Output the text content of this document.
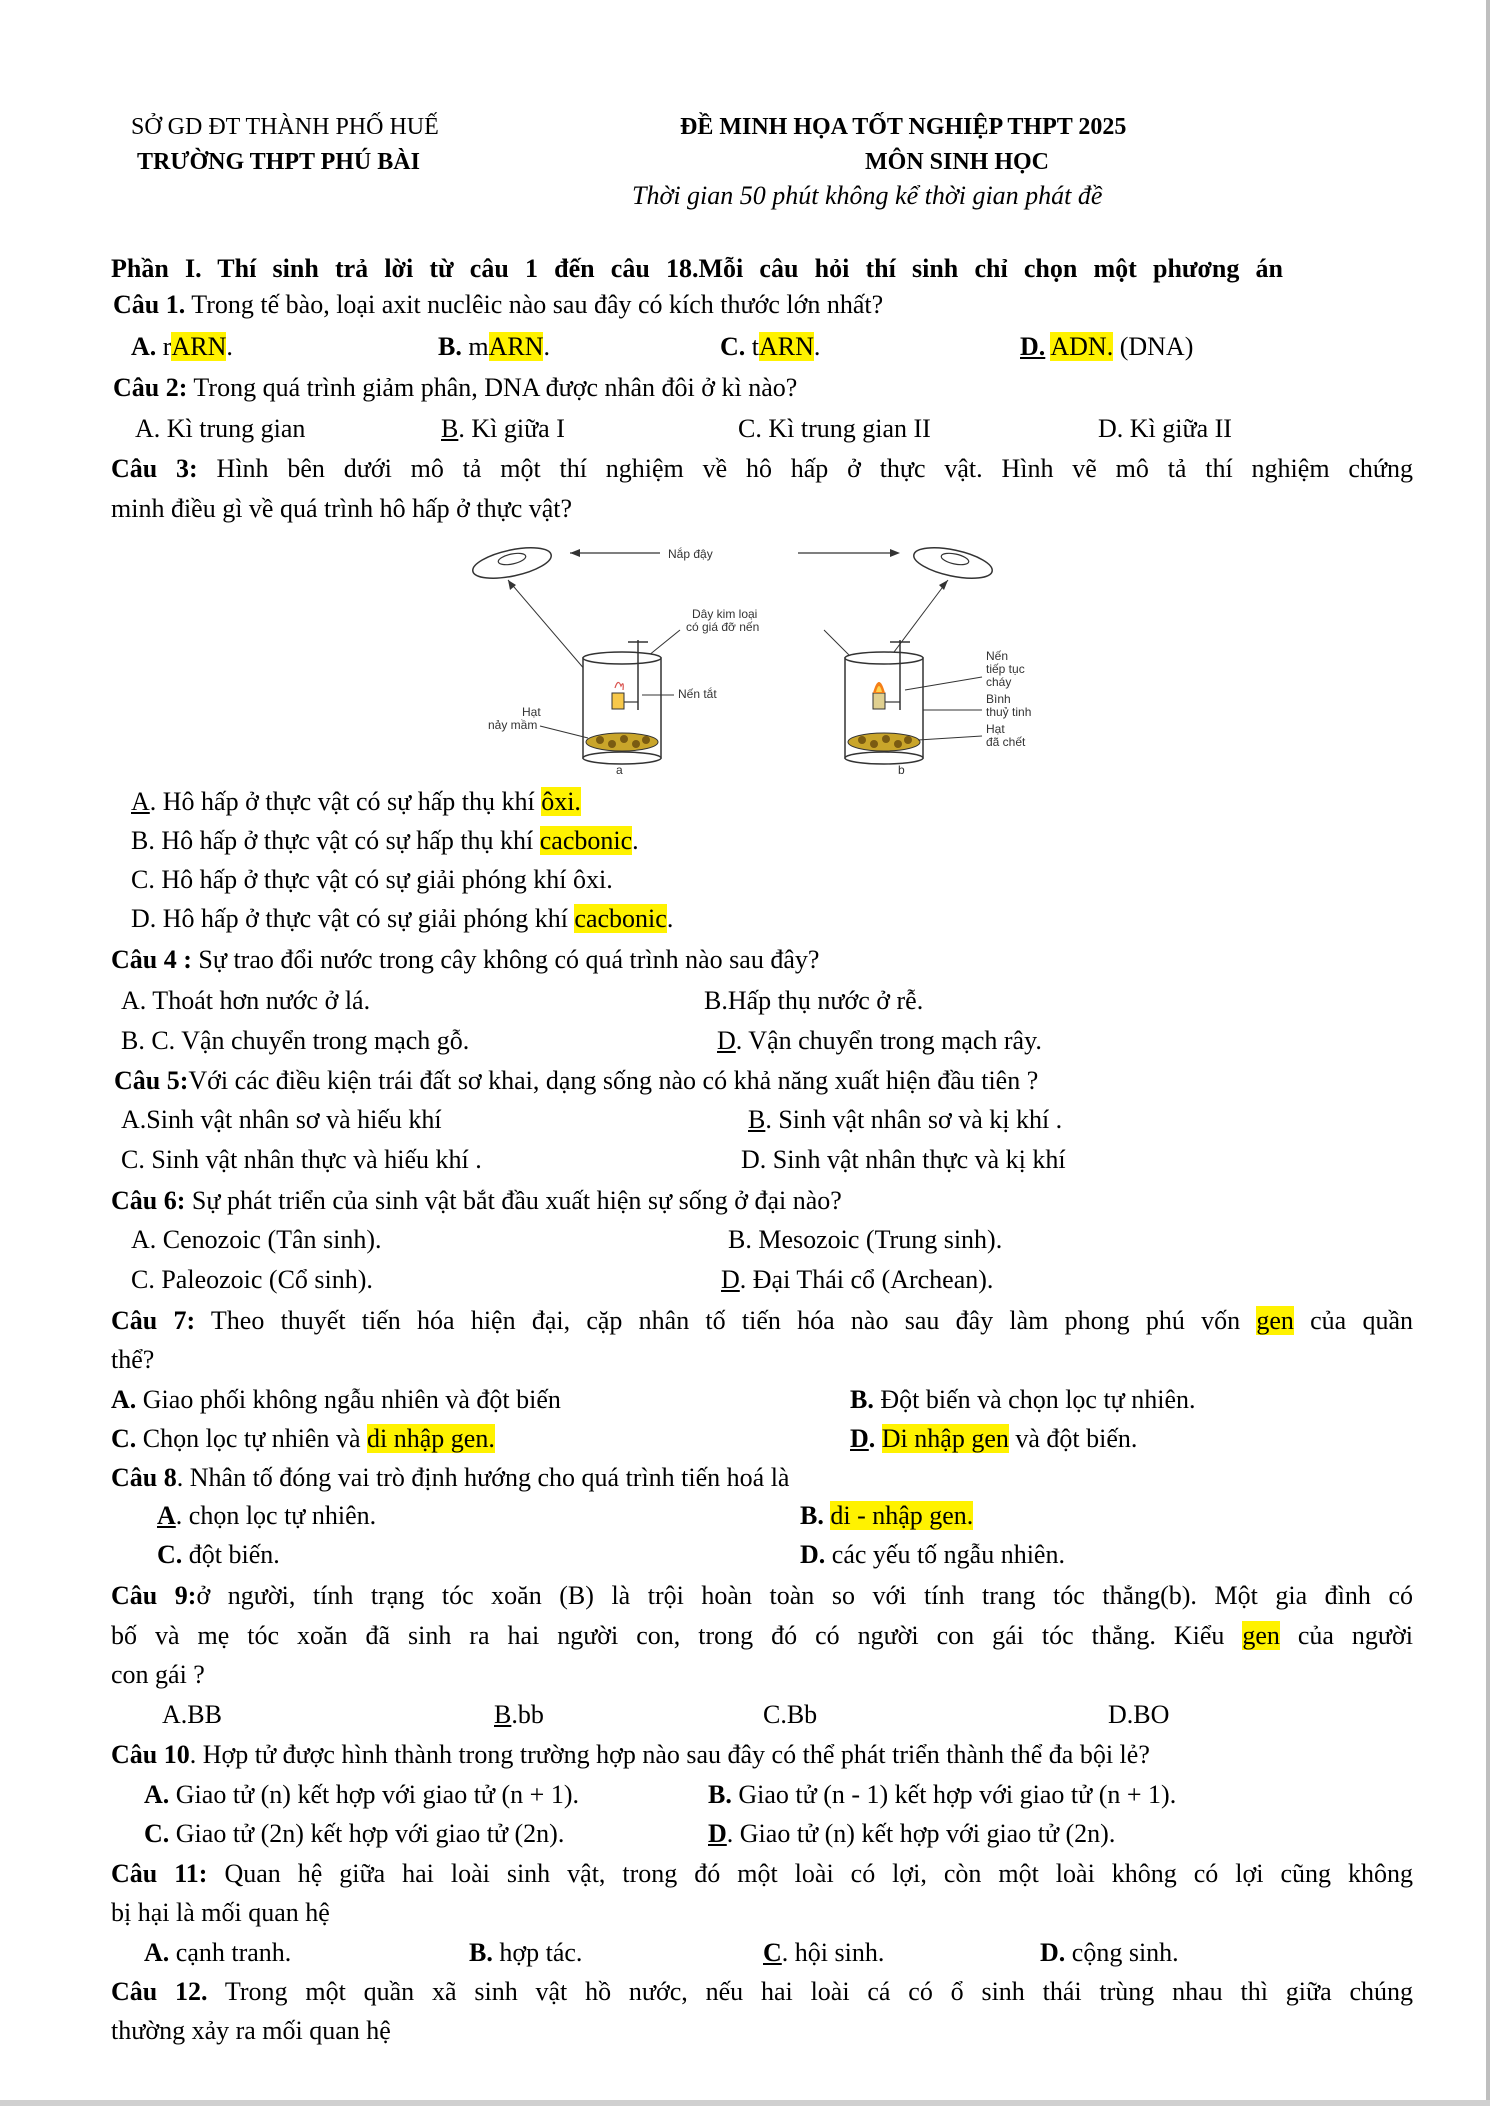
SỞ GD ĐT THÀNH PHỐ HUẾ
TRƯỜNG THPT PHÚ BÀI
ĐỀ MINH HỌA TỐT NGHIỆP THPT 2025
MÔN SINH HỌC
Thời gian 50 phút không kể thời gian phát đề
Phần I. Thí sinh trả lời từ câu 1 đến câu 18.Mỗi câu hỏi thí sinh chỉ chọn một phương án
Câu 1. Trong tế bào, loại axit nuclêic nào sau đây có kích thước lớn nhất?
A. rARN.	B. mARN.	C. tARN.	D. ADN. (DNA)
Câu 2: Trong quá trình giảm phân, DNA được nhân đôi ở kì nào?
A. Kì trung gian	B. Kì giữa I	C. Kì trung gian II	D. Kì giữa II
Câu 3: Hình bên dưới mô tả một thí nghiệm về hô hấp ở thực vật. Hình vẽ mô tả thí nghiệm chứng
minh điều gì về quá trình hô hấp ở thực vật?
Nắp đậy
Dây kim loại
có giá đỡ nến
Nến tắt
Nến
tiếp tục
cháy
Bình
thuỷ tinh
Hạt
nảy mầm	Hạt
đã chết
a	b
A. Hô hấp ở thực vật có sự hấp thụ khí ôxi.
B. Hô hấp ở thực vật có sự hấp thụ khí cacbonic.
C. Hô hấp ở thực vật có sự giải phóng khí ôxi.
D. Hô hấp ở thực vật có sự giải phóng khí cacbonic.
Câu 4 : Sự trao đổi nước trong cây không có quá trình nào sau đây?
A. Thoát hơn nước ở lá.	B.Hấp thụ nước ở rễ.
B. C. Vận chuyển trong mạch gỗ.	D. Vận chuyển trong mạch rây.
Câu 5:Với các điều kiện trái đất sơ khai, dạng sống nào có khả năng xuất hiện đầu tiên ?
A.Sinh vật nhân sơ và hiếu khí	B. Sinh vật nhân sơ và kị khí .
C. Sinh vật nhân thực và hiếu khí .	D. Sinh vật nhân thực và kị khí
Câu 6: Sự phát triển của sinh vật bắt đầu xuất hiện sự sống ở đại nào?
A. Cenozoic (Tân sinh).	B. Mesozoic (Trung sinh).
C. Paleozoic (Cổ sinh).	D. Đại Thái cổ (Archean).
Câu 7: Theo thuyết tiến hóa hiện đại, cặp nhân tố tiến hóa nào sau đây làm phong phú vốn gen của quần
thể?
A. Giao phối không ngẫu nhiên và đột biến	B. Đột biến và chọn lọc tự nhiên.
C. Chọn lọc tự nhiên và di nhập gen.	D. Di nhập gen và đột biến.
Câu 8. Nhân tố đóng vai trò định hướng cho quá trình tiến hoá là
A. chọn lọc tự nhiên.	B. di - nhập gen.
C. đột biến.	D. các yếu tố ngẫu nhiên.
Câu 9:ở người, tính trạng tóc xoăn (B) là trội hoàn toàn so với tính trang tóc thẳng(b). Một gia đình có
bố và mẹ tóc xoăn đã sinh ra hai người con, trong đó có người con gái tóc thẳng. Kiểu gen của người
con gái ?
A.BB	B.bb	C.Bb	D.BO
Câu 10. Hợp tử được hình thành trong trường hợp nào sau đây có thể phát triển thành thể đa bội lẻ?
A. Giao tử (n) kết hợp với giao tử (n + 1).	B. Giao tử (n - 1) kết hợp với giao tử (n + 1).
C. Giao tử (2n) kết hợp với giao tử (2n).	D. Giao tử (n) kết hợp với giao tử (2n).
Câu 11: Quan hệ giữa hai loài sinh vật, trong đó một loài có lợi, còn một loài không có lợi cũng không
bị hại là mối quan hệ
A. cạnh tranh.	B. hợp tác.	C. hội sinh.	D. cộng sinh.
Câu 12. Trong một quần xã sinh vật hồ nước, nếu hai loài cá có ổ sinh thái trùng nhau thì giữa chúng
thường xảy ra mối quan hệ
